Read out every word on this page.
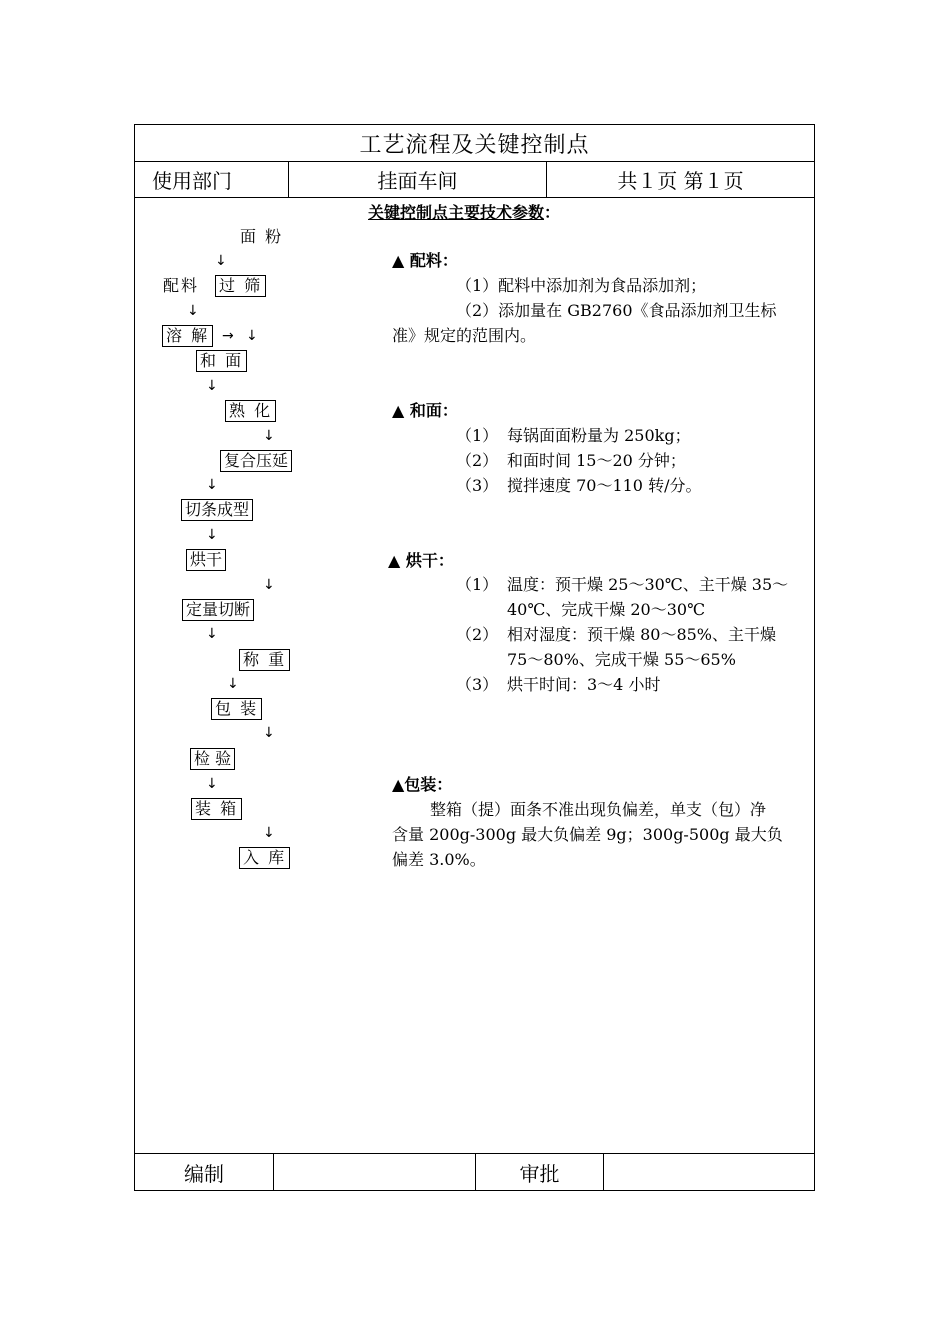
工艺流程及关键控制点
使用部门	挂面车间	共１页 第１页
面 粉
↓
配料 过 筛
↓
溶 解 → ↓
和 面
↓
熟 化
↓
复合压延
↓
切条成型
↓
烘干
↓
定量切断
↓
称 重
↓
包 装
↓
检 验
↓
装 箱
↓
入 库
关键控制点主要技术参数：
▲ 配料：
（1）配料中添加剂为食品添加剂；
（2）添加量在 GB2760《食品添加剂卫生标
准》规定的范围内。
▲ 和面：
（1） 每锅面面粉量为 250kg；
（2） 和面时间 15～20 分钟；
（3） 搅拌速度 70～110 转/分。
▲ 烘干：
（1） 温度：预干燥 25～30℃、主干燥 35～
40℃、完成干燥 20～30℃
（2） 相对湿度：预干燥 80～85%、主干燥
75～80%、完成干燥 55～65%
（3） 烘干时间：3～4 小时
▲包装：
整箱（提）面条不准出现负偏差，单支（包）净
含量 200g-300g 最大负偏差 9g；300g-500g 最大负
偏差 3.0%。
编制	审批
